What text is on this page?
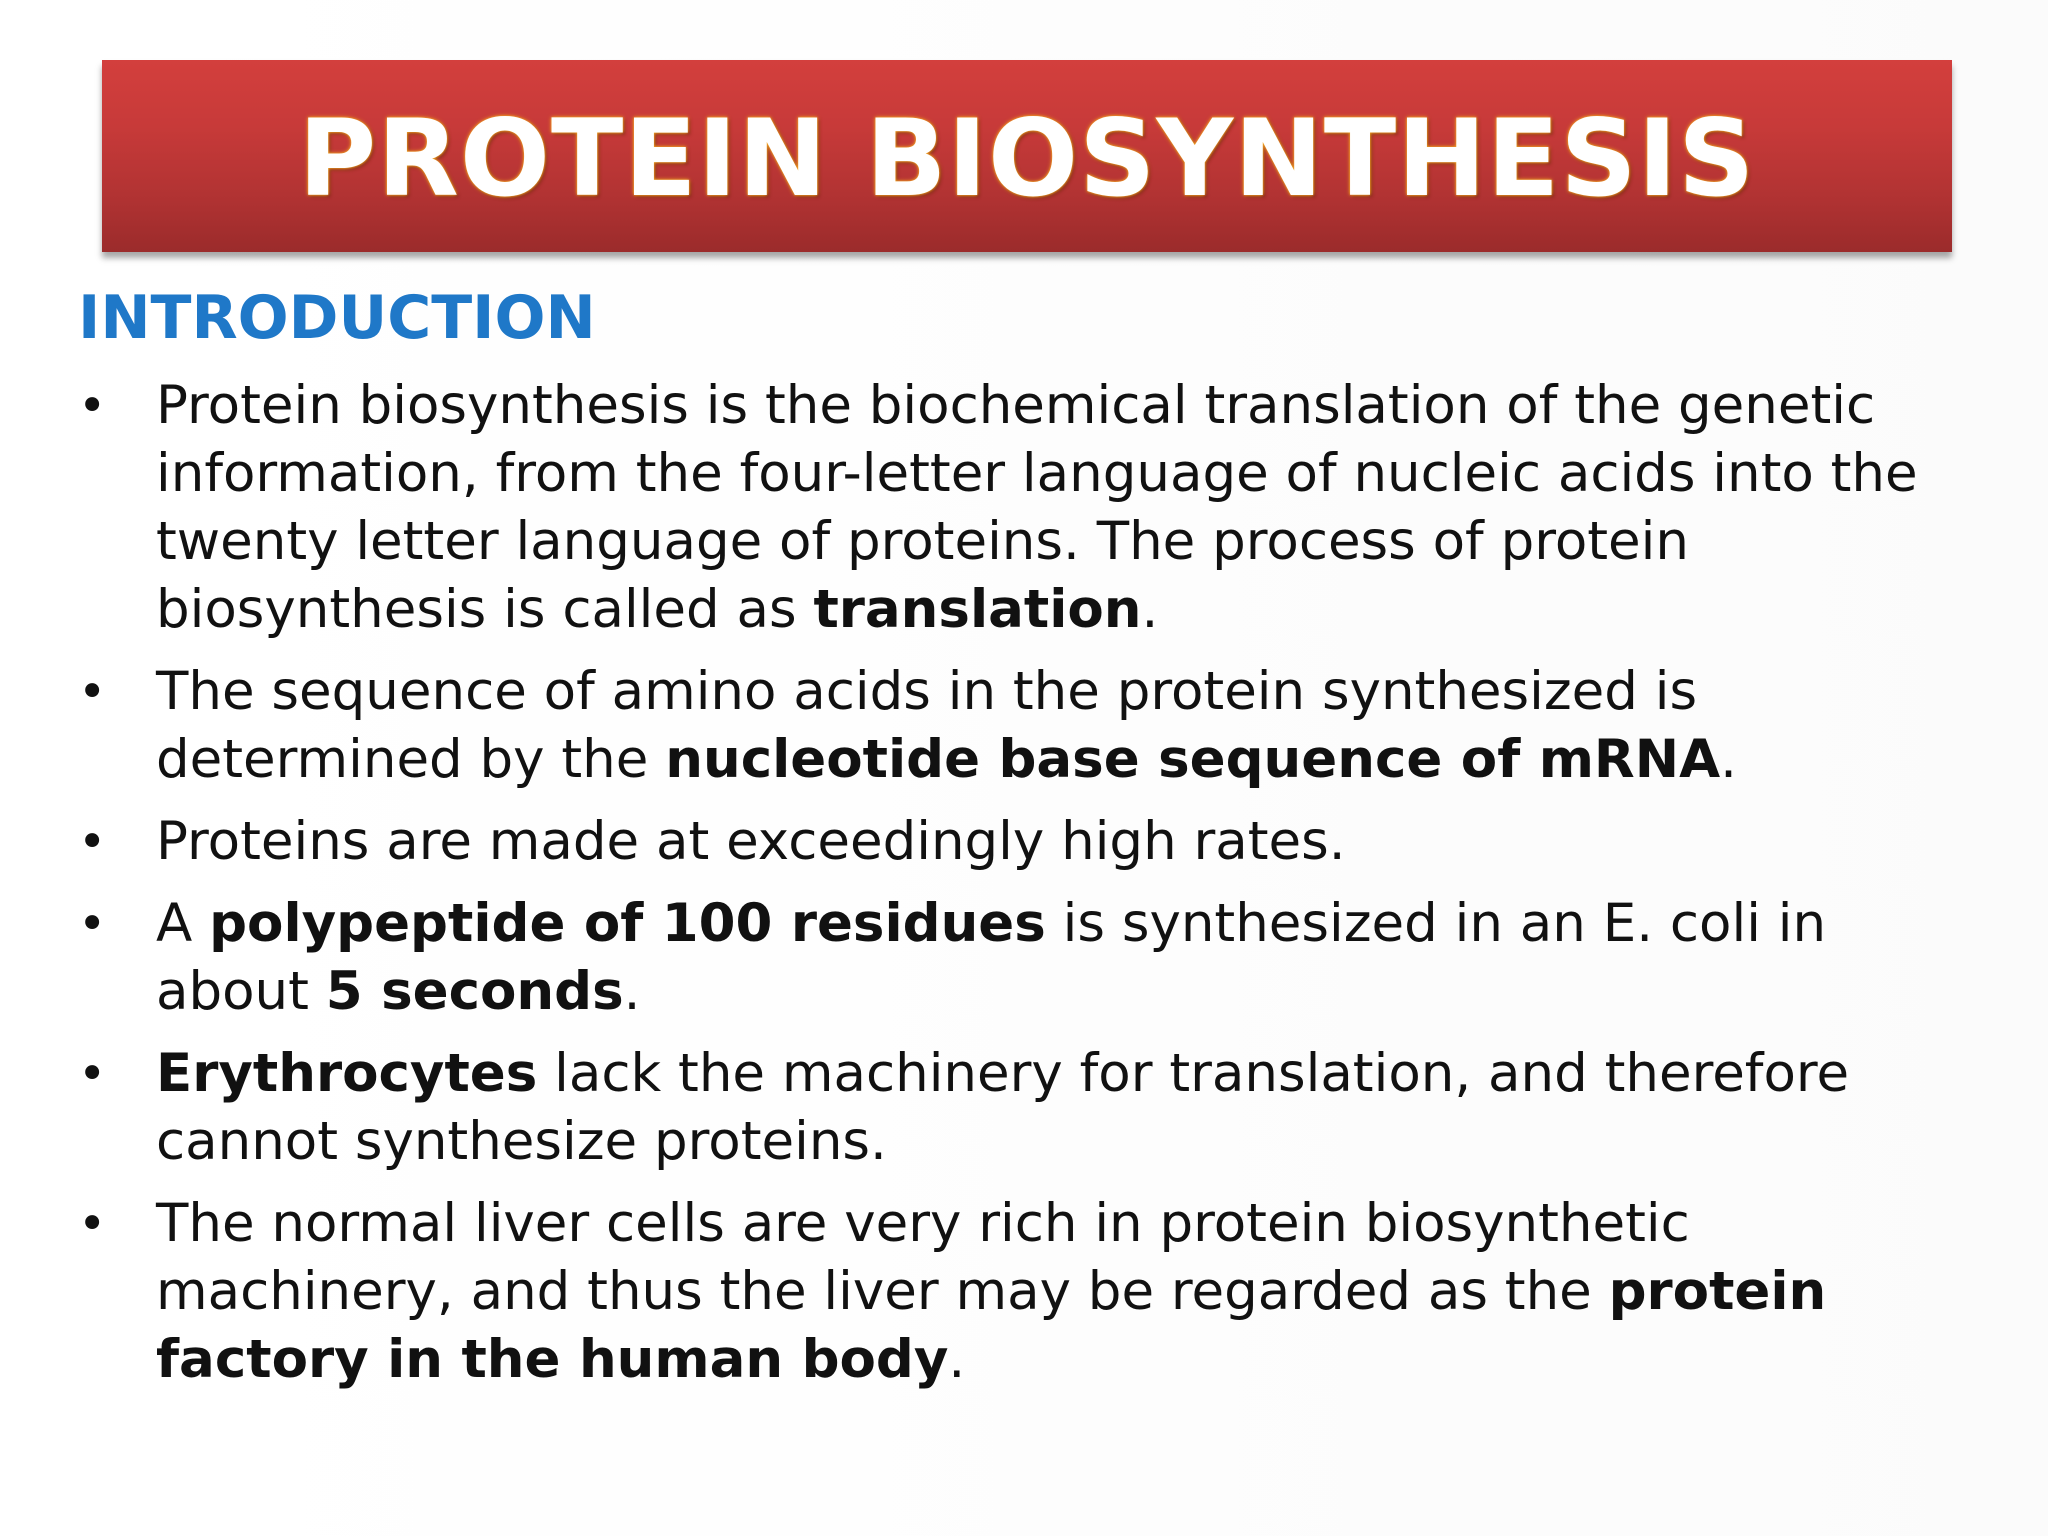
PROTEIN BIOSYNTHESIS
INTRODUCTION
• Protein biosynthesis is the biochemical translation of the genetic information, from the four-letter language of nucleic acids into the twenty letter language of proteins. The process of protein biosynthesis is called as translation.
• The sequence of amino acids in the protein synthesized is determined by the nucleotide base sequence of mRNA.
• Proteins are made at exceedingly high rates.
• A polypeptide of 100 residues is synthesized in an E. coli in about 5 seconds.
• Erythrocytes lack the machinery for translation, and therefore cannot synthesize proteins.
• The normal liver cells are very rich in protein biosynthetic machinery, and thus the liver may be regarded as the protein factory in the human body.
